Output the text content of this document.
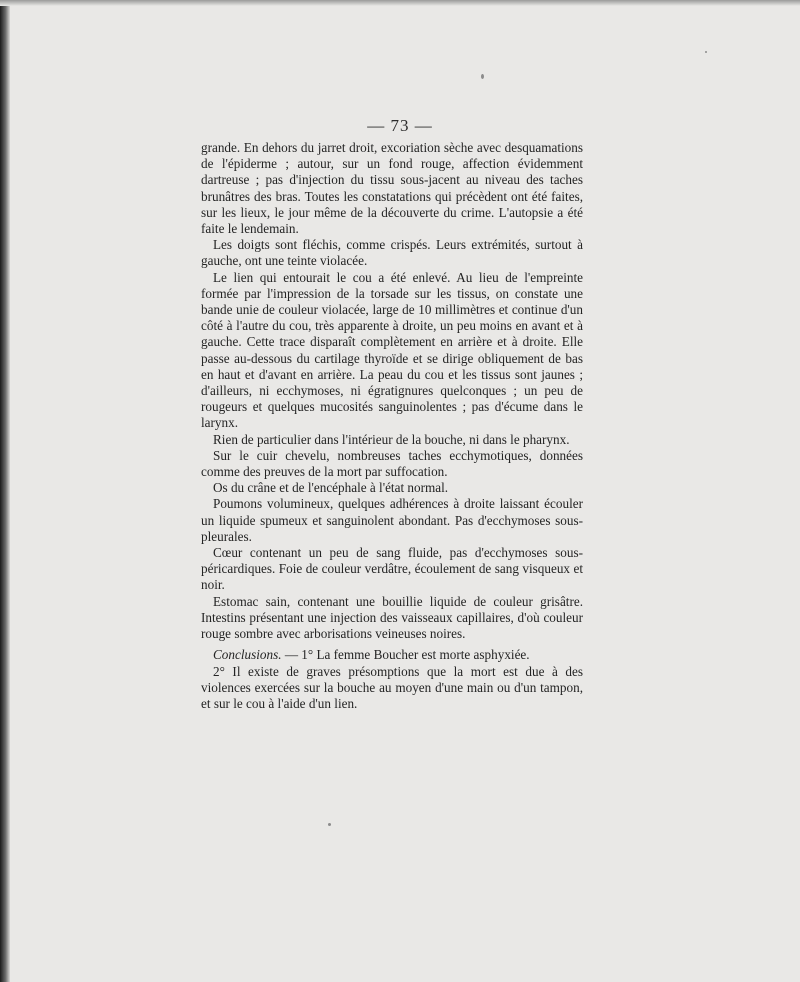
— 73 —

grande. En dehors du jarret droit, excoriation sèche avec desquamations de l'épiderme ; autour, sur un fond rouge, affection évidemment dartreuse ; pas d'injection du tissu sous-jacent au niveau des taches brunâtres des bras. Toutes les constatations qui précèdent ont été faites, sur les lieux, le jour même de la découverte du crime. L'autopsie a été faite le lendemain.

Les doigts sont fléchis, comme crispés. Leurs extrémités, surtout à gauche, ont une teinte violacée.

Le lien qui entourait le cou a été enlevé. Au lieu de l'empreinte formée par l'impression de la torsade sur les tissus, on constate une bande unie de couleur violacée, large de 10 millimètres et continue d'un côté à l'autre du cou, très apparente à droite, un peu moins en avant et à gauche. Cette trace disparaît complètement en arrière et à droite. Elle passe au-dessous du cartilage thyroïde et se dirige obliquement de bas en haut et d'avant en arrière. La peau du cou et les tissus sont jaunes ; d'ailleurs, ni ecchymoses, ni égratignures quelconques ; un peu de rougeurs et quelques mucosités sanguinolentes ; pas d'écume dans le larynx.

Rien de particulier dans l'intérieur de la bouche, ni dans le pharynx.

Sur le cuir chevelu, nombreuses taches ecchymotiques, données comme des preuves de la mort par suffocation.

Os du crâne et de l'encéphale à l'état normal.

Poumons volumineux, quelques adhérences à droite laissant écouler un liquide spumeux et sanguinolent abondant. Pas d'ecchymoses sous-pleurales.

Cœur contenant un peu de sang fluide, pas d'ecchymoses sous-péricardiques. Foie de couleur verdâtre, écoulement de sang visqueux et noir.

Estomac sain, contenant une bouillie liquide de couleur grisâtre. Intestins présentant une injection des vaisseaux capillaires, d'où couleur rouge sombre avec arborisations veineuses noires.

Conclusions. — 1° La femme Boucher est morte asphyxiée.

2° Il existe de graves présomptions que la mort est due à des violences exercées sur la bouche au moyen d'une main ou d'un tampon, et sur le cou à l'aide d'un lien.
